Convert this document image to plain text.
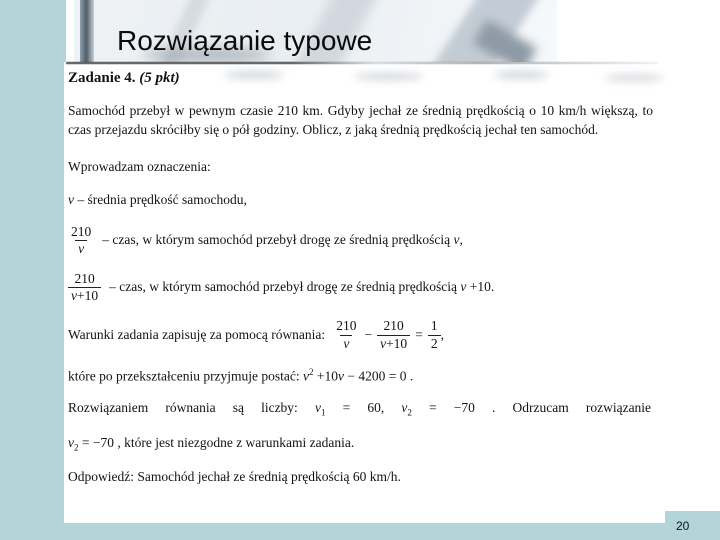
Rozwiązanie typowe
Zadanie 4. (5 pkt)
Samochód przebył w pewnym czasie 210 km. Gdyby jechał ze średnią prędkością o 10 km/h większą, to czas przejazdu skróciłby się o pół godziny. Oblicz, z jaką średnią prędkością jechał ten samochód.
Wprowadzam oznaczenia:
v – średnia prędkość samochodu,
$\frac{210}{v}$ – czas, w którym samochód przebył drogę ze średnią prędkością
v ,
$\frac{210}{v+10}$ – czas, w którym samochód przebył drogę ze średnią prędkością
v
+10.
Warunki zadania zapisuję za pomocą równania: $\frac{210}{v} - \frac{210}{v+10} = \frac{1}{2}$ ,
które po przekształceniu przyjmuje postać: $v^2 +10v - 4200 = 0$ .
Rozwiązaniem równania są liczby: $v_1 = 60$, $v_2 = -70$ . Odrzucam rozwiązanie
$v_2 = -70$ , które jest niezgodne z warunkami zadania.
Odpowiedź: Samochód jechał ze średnią prędkością 60 km/h.
20
